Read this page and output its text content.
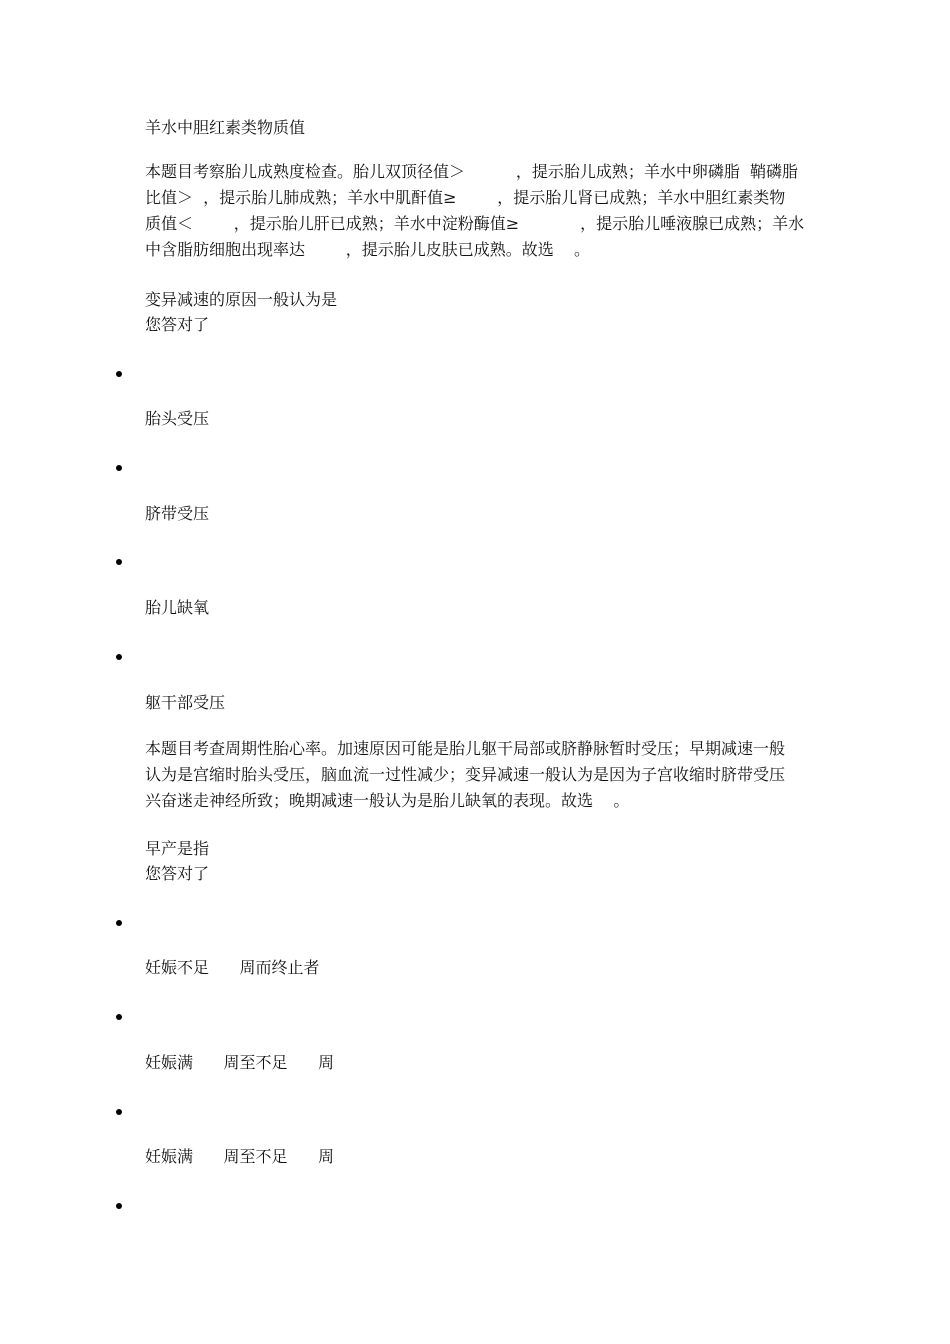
羊水中胆红素类物质值
本题目考察胎儿成熟度检查。胎儿双顶径值＞          ，提示胎儿成熟；羊水中卵磷脂  鞘磷脂
比值＞  ，提示胎儿肺成熟；羊水中肌酐值≥        ，提示胎儿肾已成熟；羊水中胆红素类物
质值＜        ，提示胎儿肝已成熟；羊水中淀粉酶值≥            ，提示胎儿唾液腺已成熟；羊水
中含脂肪细胞出现率达        ，提示胎儿皮肤已成熟。故选    。
变异减速的原因一般认为是
您答对了
胎头受压
脐带受压
胎儿缺氧
躯干部受压
本题目考查周期性胎心率。加速原因可能是胎儿躯干局部或脐静脉暂时受压；早期减速一般
认为是宫缩时胎头受压，脑血流一过性减少；变异减速一般认为是因为子宫收缩时脐带受压
兴奋迷走神经所致；晚期减速一般认为是胎儿缺氧的表现。故选    。
早产是指
您答对了
妊娠不足      周而终止者
妊娠满      周至不足      周
妊娠满      周至不足      周
